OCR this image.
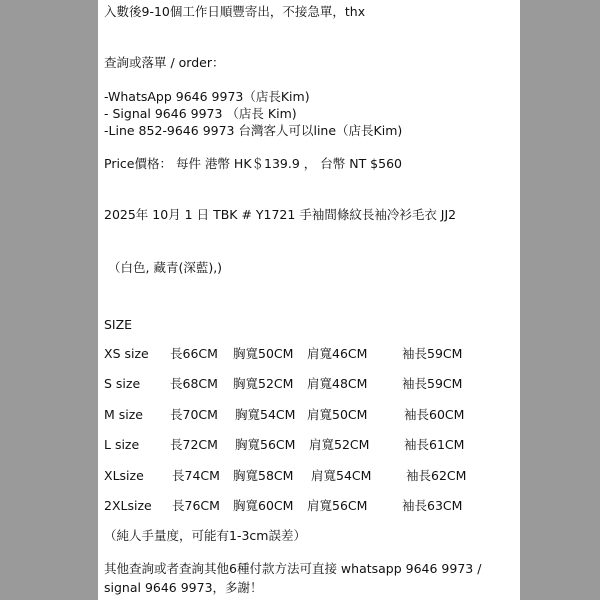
入數後9-10個工作日順豐寄出，不接急單，thx
查詢或落單 / order：
-WhatsApp 9646 9973（店長Kim)
- Signal 9646 9973 （店長 Kim)
-Line 852-9646 9973 台灣客人可以line（店長Kim)
Price價格： 每件 港幣 HK＄139.9 ， 台幣 NT $560
2025年 10月 1 日 TBK # Y1721 手袖間條紋長袖冷衫毛衣 JJ2
（白色, 藏青(深藍),)
SIZE
XS size 長66CM 胸寬50CM 肩寬46CM	袖長59CM
S size 長68CM 胸寬52CM 肩寬48CM	袖長59CM
M size 長70CM 胸寬54CM 肩寬50CM	袖長60CM
L size 長72CM 胸寬56CM 肩寬52CM	袖長61CM
XLsize 長74CM 胸寬58CM 肩寬54CM	袖長62CM
2XLsize 長76CM 胸寬60CM 肩寬56CM	袖長63CM
（純人手量度，可能有1-3cm誤差）
其他查詢或者查詢其他6種付款方法可直接 whatsapp 9646 9973 / signal 9646 9973，多謝！
